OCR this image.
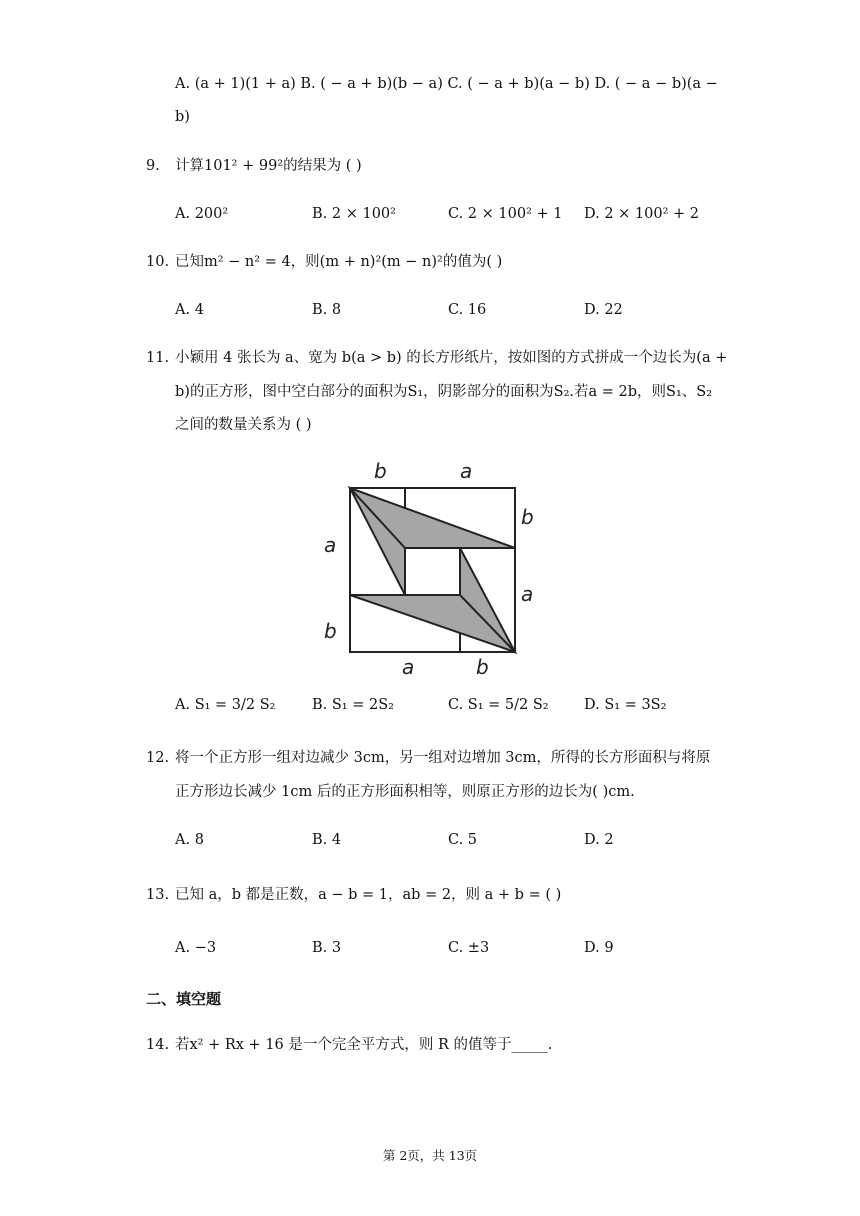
A. (a + 1)(1 + a) B. ( − a + b)(b − a) C. ( − a + b)(a − b) D. ( − a − b)(a −
b)
9. 计算101² + 99²的结果为 ( )
A. 200²	B. 2 × 100²	C. 2 × 100² + 1 D. 2 × 100² + 2
10. 已知m² − n² = 4，则(m + n)²(m − n)²的值为( )
A. 4	B. 8	C. 16	D. 22
11. 小颖用 4 张长为 a、宽为 b(a > b) 的长方形纸片，按如图的方式拼成一个边长为(a +
b)的正方形，图中空白部分的面积为S₁，阴影部分的面积为S₂.若a = 2b，则S₁、S₂
之间的数量关系为 ( )
b	a
b
a
a
b
a	b
A. S₁ = 3/2 S₂	B. S₁ = 2S₂	C. S₁ = 5/2 S₂ D. S₁ = 3S₂
12. 将一个正方形一组对边减少 3cm，另一组对边增加 3cm，所得的长方形面积与将原
正方形边长减少 1cm 后的正方形面积相等，则原正方形的边长为( )cm.
A. 8	B. 4	C. 5	D. 2
13. 已知 a，b 都是正数，a − b = 1，ab = 2，则 a + b = ( )
A. −3	B. 3	C. ±3	D. 9
二、填空题
14. 若x² + Rx + 16 是一个完全平方式，则 R 的值等于_____.
第 2页，共 13页
